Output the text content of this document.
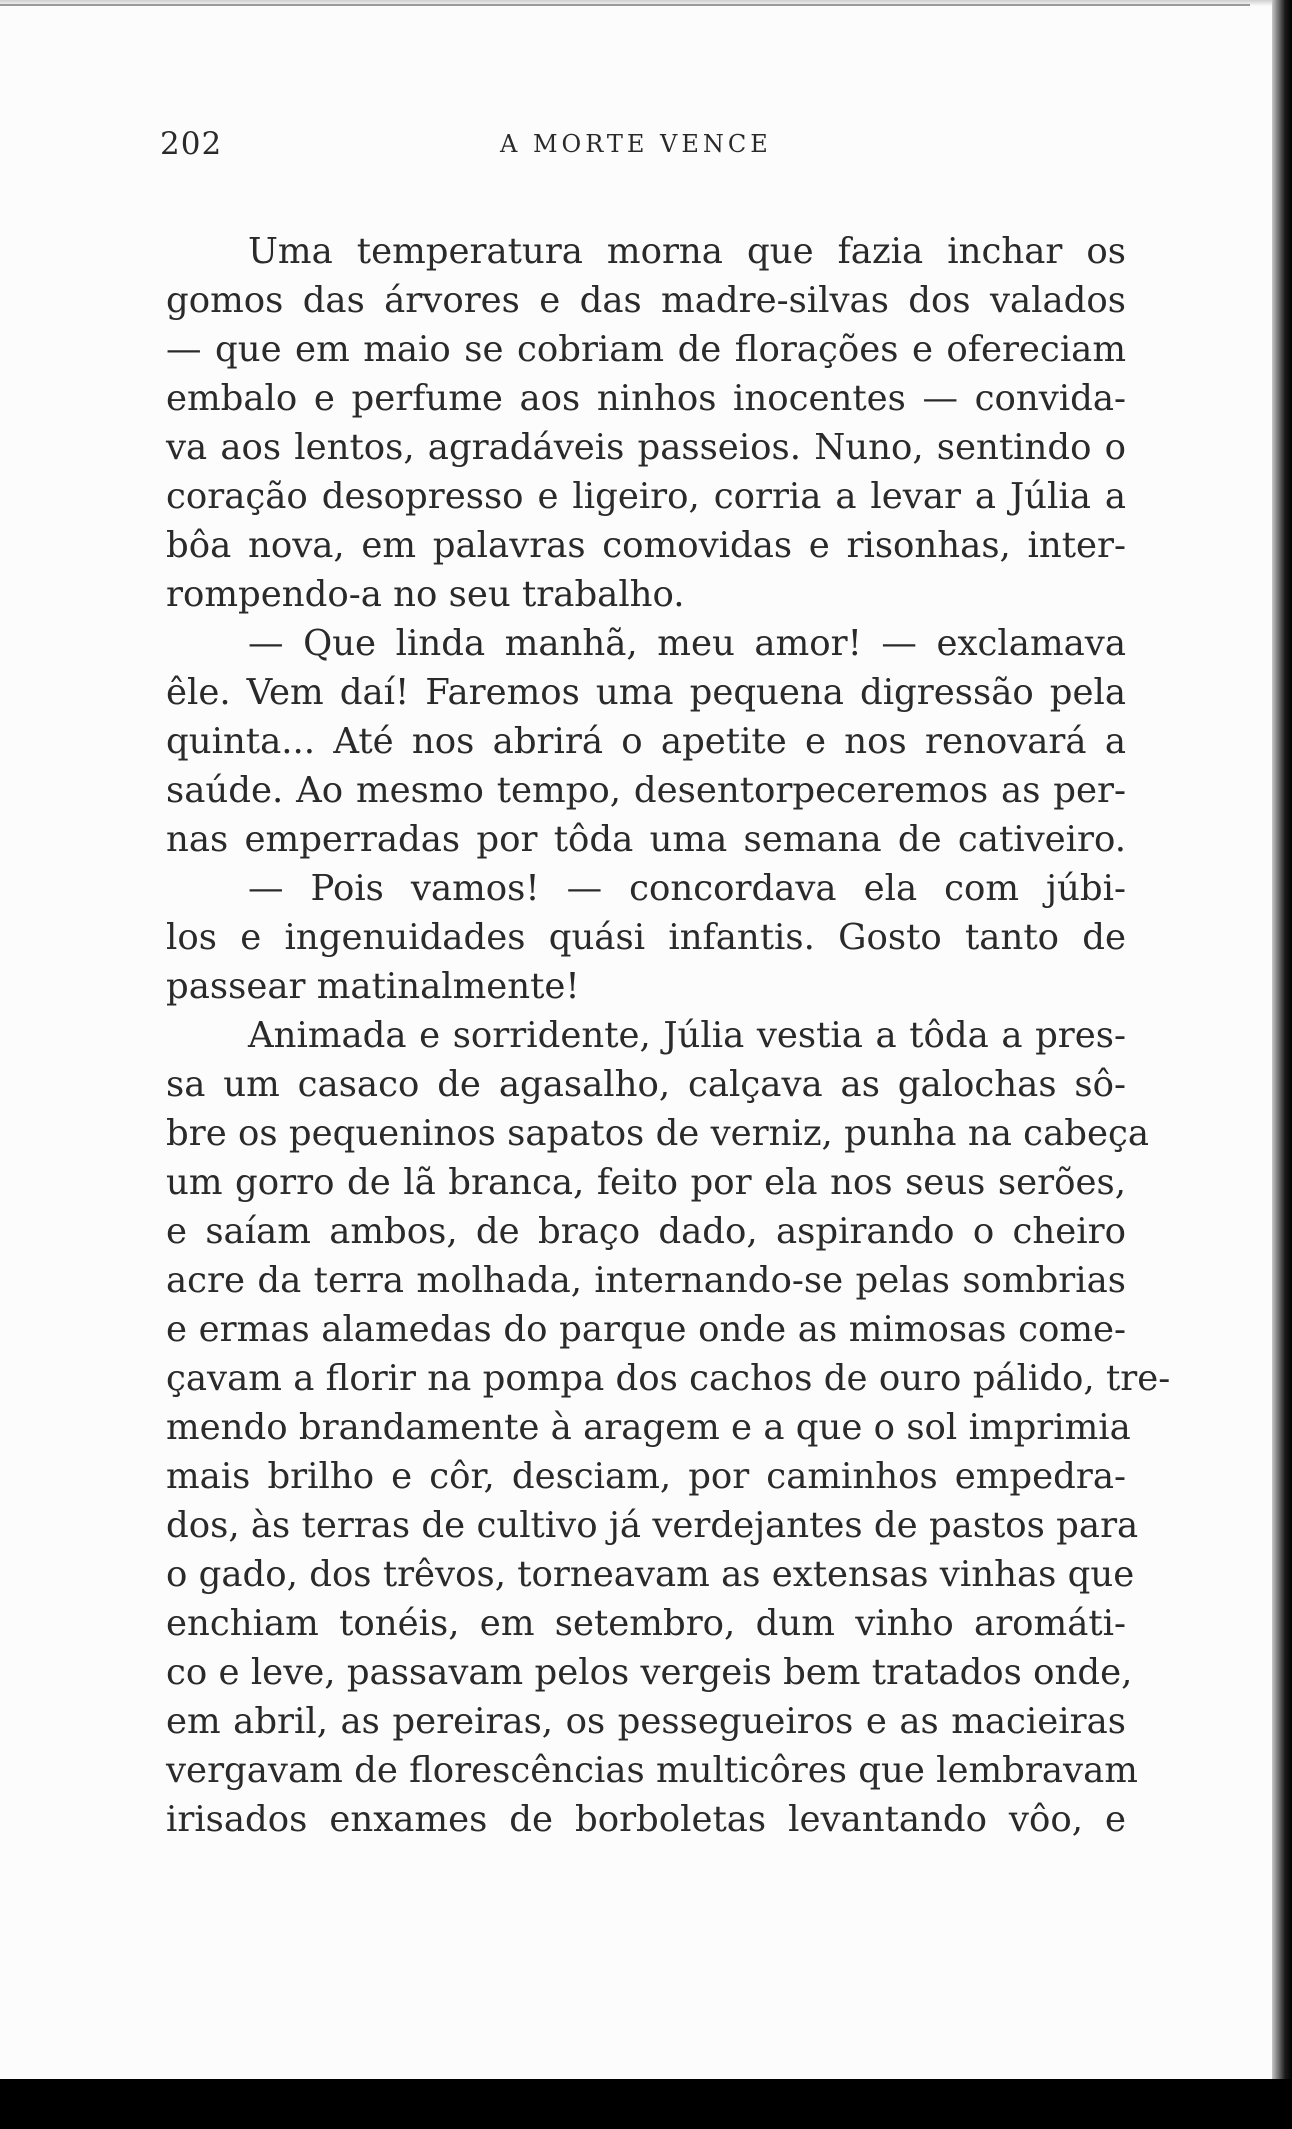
202	A MORTE VENCE
Uma temperatura morna que fazia inchar os
gomos das árvores e das madre-silvas dos valados
— que em maio se cobriam de florações e ofereciam
embalo e perfume aos ninhos inocentes — convida-
va aos lentos, agradáveis passeios. Nuno, sentindo o
coração desopresso e ligeiro, corria a levar a Júlia a
bôa nova, em palavras comovidas e risonhas, inter-
rompendo-a no seu trabalho.
— Que linda manhã, meu amor! — exclamava
êle. Vem daí! Faremos uma pequena digressão pela
quinta... Até nos abrirá o apetite e nos renovará a
saúde. Ao mesmo tempo, desentorpeceremos as per-
nas emperradas por tôda uma semana de cativeiro.
— Pois vamos! — concordava ela com júbi-
los e ingenuidades quási infantis. Gosto tanto de
passear matinalmente!
Animada e sorridente, Júlia vestia a tôda a pres-
sa um casaco de agasalho, calçava as galochas sô-
bre os pequeninos sapatos de verniz, punha na cabeça
um gorro de lã branca, feito por ela nos seus serões,
e saíam ambos, de braço dado, aspirando o cheiro
acre da terra molhada, internando-se pelas sombrias
e ermas alamedas do parque onde as mimosas come-
çavam a florir na pompa dos cachos de ouro pálido, tre-
mendo brandamente à aragem e a que o sol imprimia
mais brilho e côr, desciam, por caminhos empedra-
dos, às terras de cultivo já verdejantes de pastos para
o gado, dos trêvos, torneavam as extensas vinhas que
enchiam tonéis, em setembro, dum vinho aromáti-
co e leve, passavam pelos vergeis bem tratados onde,
em abril, as pereiras, os pessegueiros e as macieiras
vergavam de florescências multicôres que lembravam
irisados enxames de borboletas levantando vôo, e
